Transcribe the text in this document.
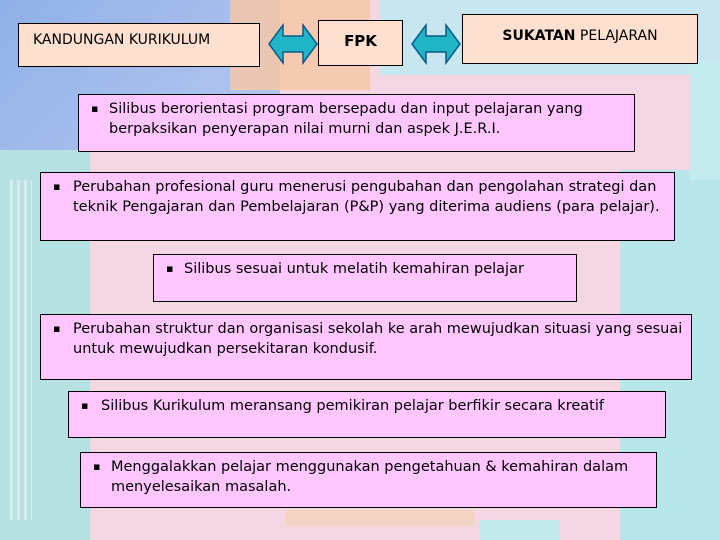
KANDUNGAN KURIKULUM	FPK	SUKATAN PELAJARAN
▪ Silibus berorientasi program bersepadu dan input pelajaran yang berpaksikan penyerapan nilai murni dan aspek J.E.R.I.
▪ Perubahan profesional guru menerusi pengubahan dan pengolahan strategi dan teknik Pengajaran dan Pembelajaran (P&P) yang diterima audiens (para pelajar).
▪ Silibus sesuai untuk melatih kemahiran pelajar
▪ Perubahan struktur dan organisasi sekolah ke arah mewujudkan situasi yang sesuai untuk mewujudkan persekitaran kondusif.
▪ Silibus Kurikulum meransang pemikiran pelajar berfikir secara kreatif
▪ Menggalakkan pelajar menggunakan pengetahuan & kemahiran dalam menyelesaikan masalah.
